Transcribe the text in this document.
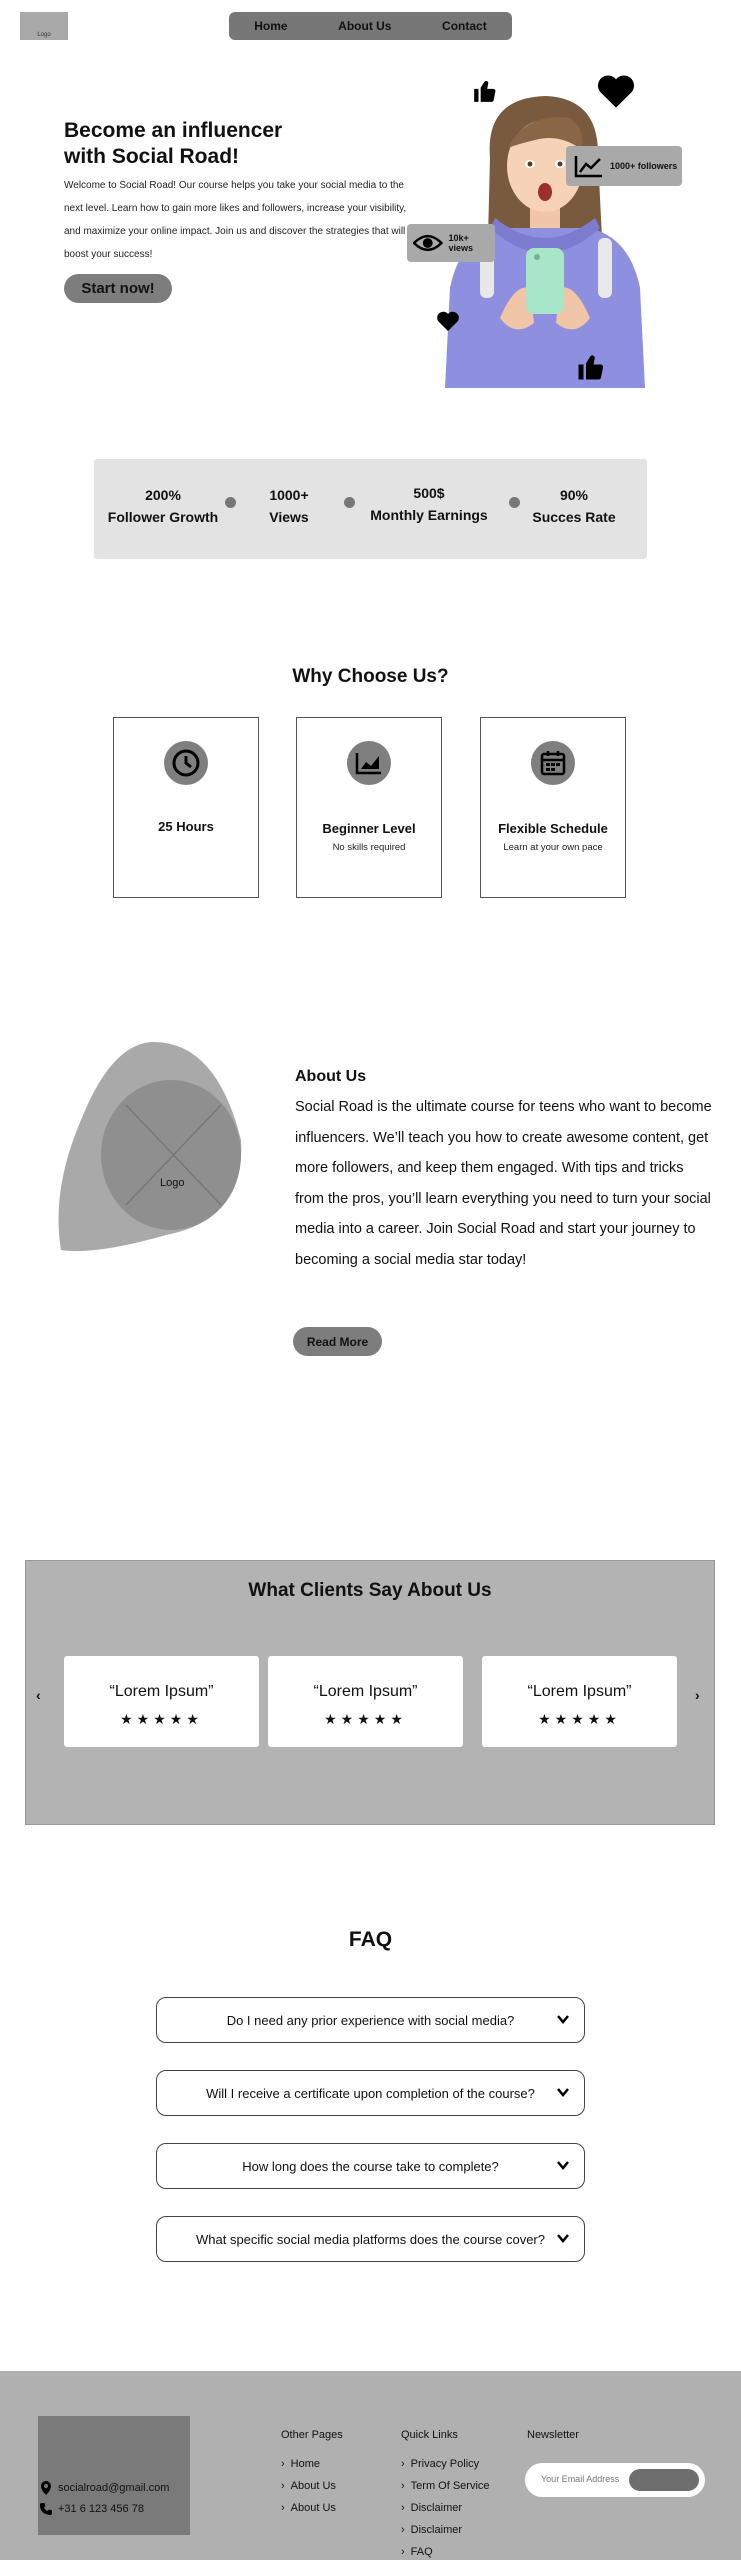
Logo
Home	About Us	Contact
Become an influencer
with Social Road!

Welcome to Social Road! Our course helps you take your social media to the next level. Learn how to gain more likes and followers, increase your visibility, and maximize your online impact. Join us and discover the strategies that will boost your success!

Start now!
1000+ followers
10k+ views
200%
Follower Growth
1000+
Views
500$
Monthly Earnings
90%
Succes Rate
Why Choose Us?
25 Hours	Beginner Level
No skills required
Flexible Schedule
Learn at your own pace
Logo
About Us

Social Road is the ultimate course for teens who want to become influencers. We’ll teach you how to create awesome content, get more followers, and keep them engaged. With tips and tricks from the pros, you’ll learn everything you need to turn your social media into a career. Join Social Road and start your journey to becoming a social media star today!

Read More
What Clients Say About Us
‹	›
“Lorem Ipsum”
★★★★★
“Lorem Ipsum”
★★★★★
“Lorem Ipsum”
★★★★★
FAQ
Do I need any prior experience with social media?
Will I receive a certificate upon completion of the course?
How long does the course take to complete?
What specific social media platforms does the course cover?
socialroad@gmail.com
+31 6 123 456 78
Other Pages
› Home
› About Us
› About Us
Quick Links
› Privacy Policy
› Term Of Service
› Disclaimer
› Disclaimer
› FAQ
Newsletter
Your Email Address
